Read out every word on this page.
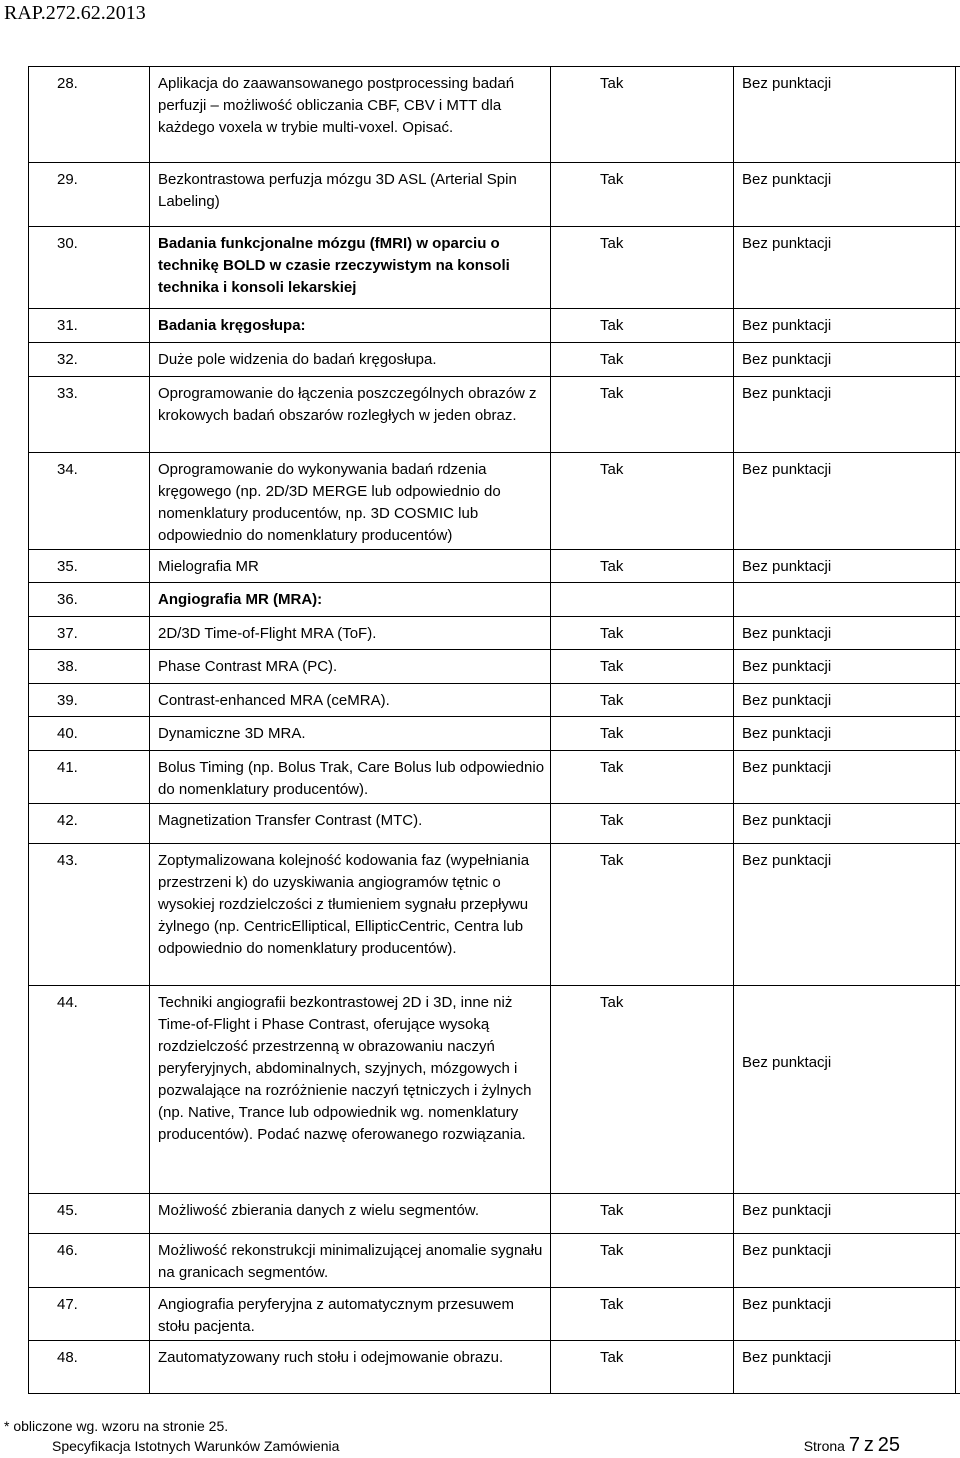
RAP.272.62.2013
28.	Aplikacja do zaawansowanego postprocessing badań perfuzji – możliwość obliczania CBF, CBV i MTT dla każdego voxela w trybie multi-voxel. Opisać.	Tak	Bez punktacji	
29.	Bezkontrastowa perfuzja mózgu 3D ASL (Arterial Spin Labeling)	Tak	Bez punktacji	
30.	Badania funkcjonalne mózgu (fMRI) w oparciu o technikę BOLD w czasie rzeczywistym na konsoli technika i konsoli lekarskiej	Tak	Bez punktacji	
31.	Badania kręgosłupa:	Tak	Bez punktacji	
32.	Duże pole widzenia do badań kręgosłupa.	Tak	Bez punktacji	
33.	Oprogramowanie do łączenia poszczególnych obrazów z krokowych badań obszarów rozległych w jeden obraz.	Tak	Bez punktacji	
34.	Oprogramowanie do wykonywania badań rdzenia kręgowego (np. 2D/3D MERGE lub odpowiednio do nomenklatury producentów, np. 3D COSMIC lub odpowiednio do nomenklatury producentów)	Tak	Bez punktacji	
35.	Mielografia MR	Tak	Bez punktacji	
36.	Angiografia MR (MRA):			
37.	2D/3D Time-of-Flight MRA (ToF).	Tak	Bez punktacji	
38.	Phase Contrast MRA (PC).	Tak	Bez punktacji	
39.	Contrast-enhanced MRA (ceMRA).	Tak	Bez punktacji	
40.	Dynamiczne 3D MRA.	Tak	Bez punktacji	
41.	Bolus Timing (np. Bolus Trak, Care Bolus lub odpowiednio do nomenklatury producentów).	Tak	Bez punktacji	
42.	Magnetization Transfer Contrast (MTC).	Tak	Bez punktacji	
43.	Zoptymalizowana kolejność kodowania faz (wypełniania przestrzeni k) do uzyskiwania angiogramów tętnic o wysokiej rozdzielczości z tłumieniem sygnału przepływu żylnego (np. CentricElliptical, EllipticCentric, Centra lub odpowiednio do nomenklatury producentów).	Tak	Bez punktacji	
44.	Techniki angiografii bezkontrastowej 2D i 3D, inne niż Time-of-Flight i Phase Contrast, oferujące wysoką rozdzielczość przestrzenną w obrazowaniu naczyń peryferyjnych, abdominalnych, szyjnych, mózgowych i pozwalające na rozróżnienie naczyń tętniczych i żylnych (np. Native, Trance lub odpowiednik wg. nomenklatury producentów). Podać nazwę oferowanego rozwiązania.	Tak	Bez punktacji	
45.	Możliwość zbierania danych z wielu segmentów.	Tak	Bez punktacji	
46.	Możliwość rekonstrukcji minimalizującej anomalie sygnału na granicach segmentów.	Tak	Bez punktacji	
47.	Angiografia peryferyjna z automatycznym przesuwem stołu pacjenta.	Tak	Bez punktacji	
48.	Zautomatyzowany ruch stołu i odejmowanie obrazu.	Tak	Bez punktacji	
* obliczone wg. wzoru na stronie 25.
Specyfikacja Istotnych Warunków Zamówienia	Strona 7 z 25
